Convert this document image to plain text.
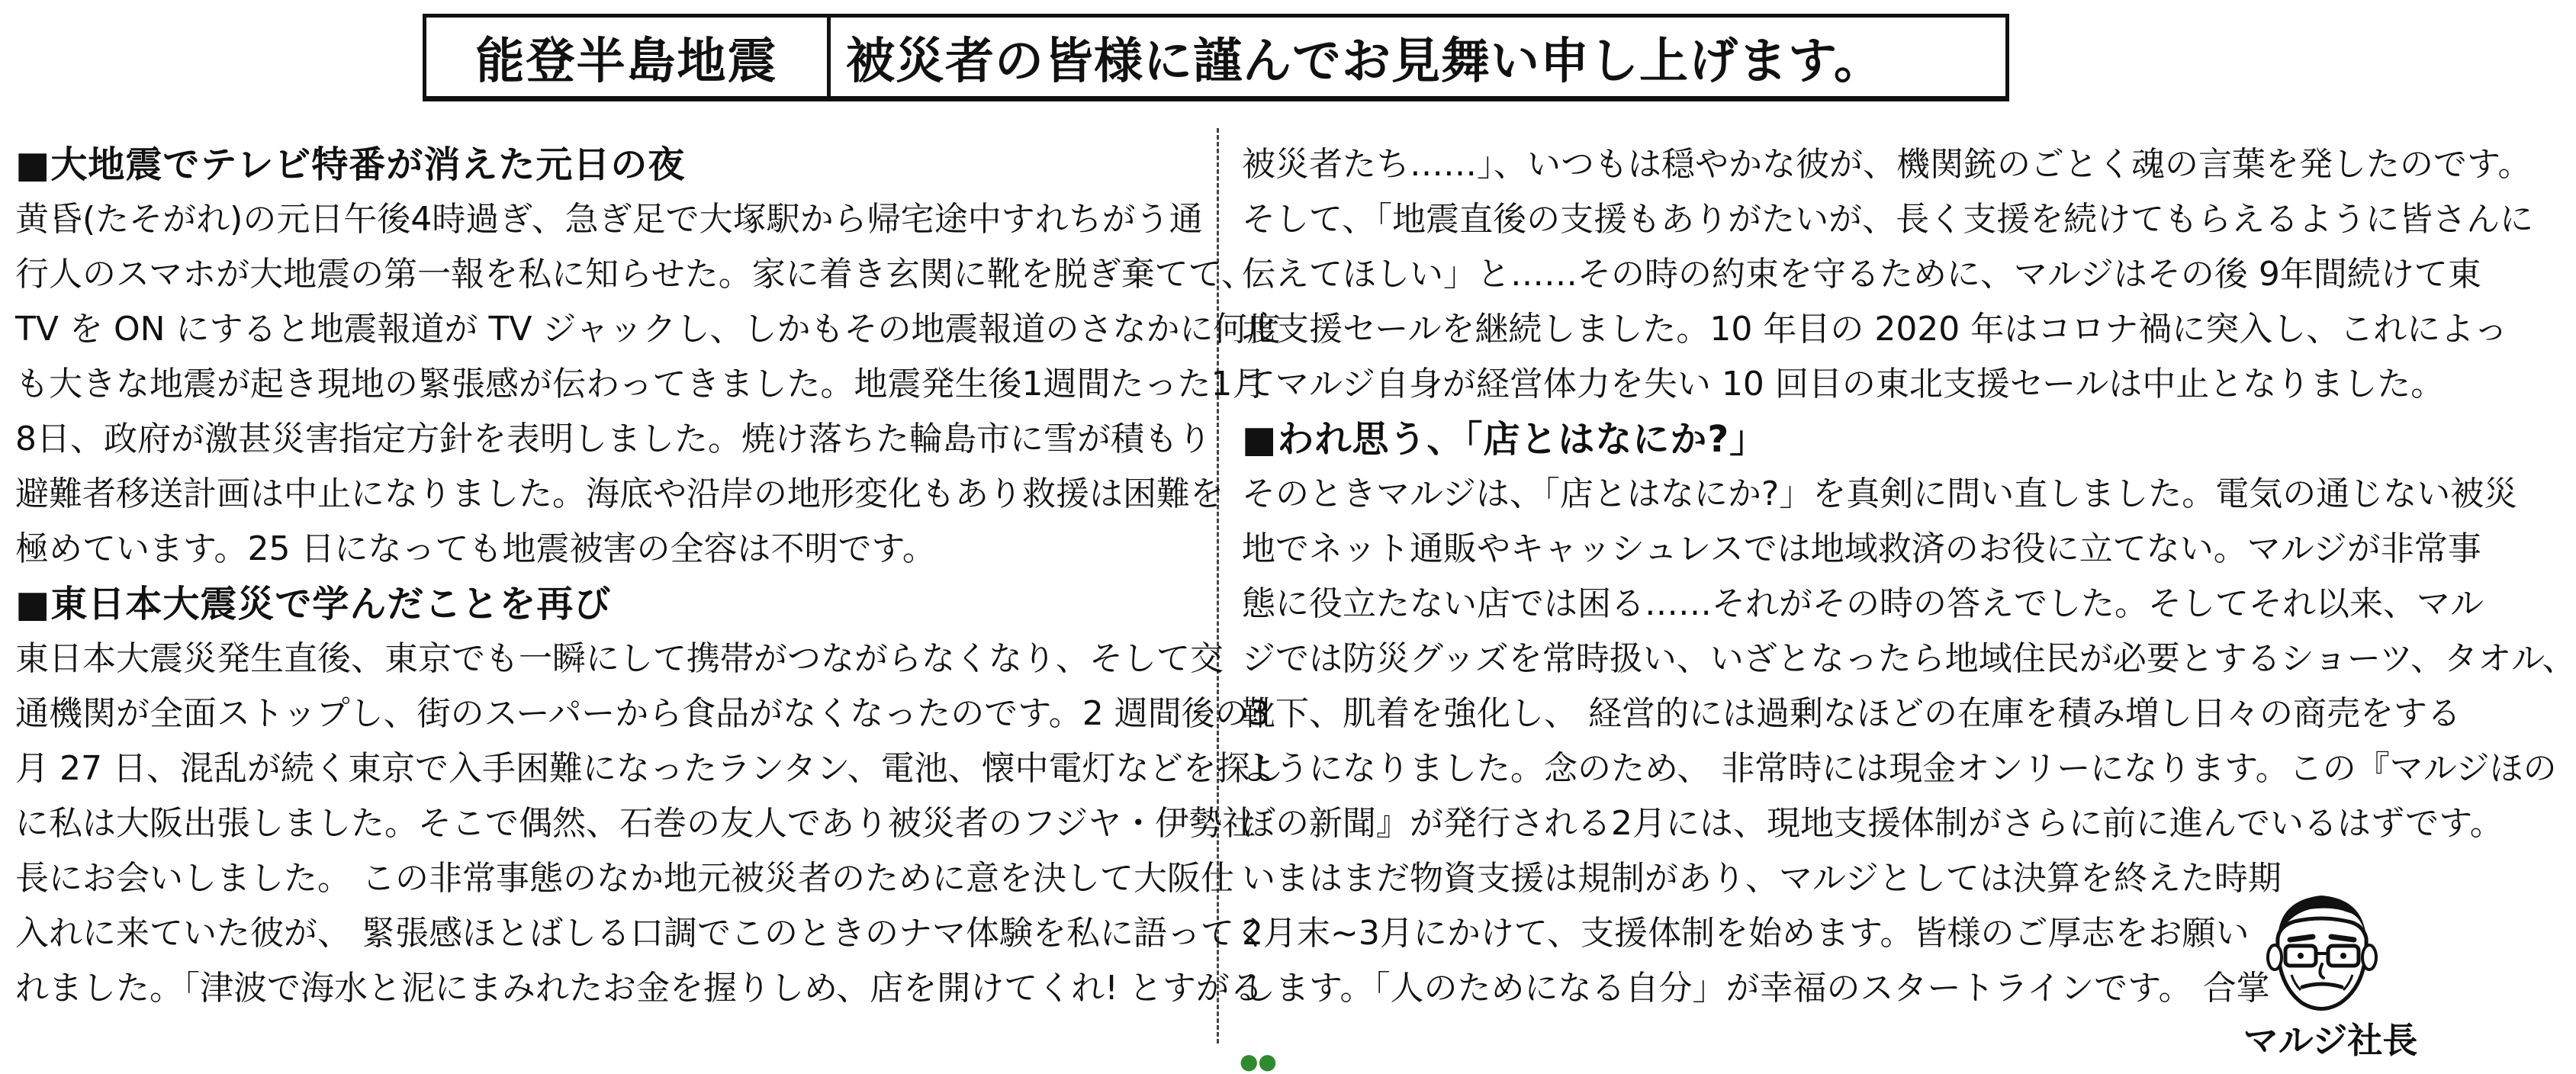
能登半島地震	被災者の皆様に謹んでお見舞い申し上げます。
■大地震でテレビ特番が消えた元日の夜
黄昏(たそがれ)の元日午後4時過ぎ、急ぎ足で大塚駅から帰宅途中すれちがう通
行人のスマホが大地震の第一報を私に知らせた。家に着き玄関に靴を脱ぎ棄てて、
TV を ON にすると地震報道が TV ジャックし、しかもその地震報道のさなかに何度
も大きな地震が起き現地の緊張感が伝わってきました。地震発生後1週間たった1月
8日、政府が激甚災害指定方針を表明しました。焼け落ちた輪島市に雪が積もり
避難者移送計画は中止になりました。海底や沿岸の地形変化もあり救援は困難を
極めています。25 日になっても地震被害の全容は不明です。
■東日本大震災で学んだことを再び
東日本大震災発生直後、東京でも一瞬にして携帯がつながらなくなり、そして交
通機関が全面ストップし、街のスーパーから食品がなくなったのです。2 週間後の3
月 27 日、混乱が続く東京で入手困難になったランタン、電池、懐中電灯などを探し
に私は大阪出張しました。そこで偶然、石巻の友人であり被災者のフジヤ・伊勢社
長にお会いしました。 この非常事態のなか地元被災者のために意を決して大阪仕
入れに来ていた彼が、 緊張感ほとばしる口調でこのときのナマ体験を私に語ってく
れました。「津波で海水と泥にまみれたお金を握りしめ、店を開けてくれ! とすがる
被災者たち……」、いつもは穏やかな彼が、機関銃のごとく魂の言葉を発したのです。
そして、「地震直後の支援もありがたいが、長く支援を続けてもらえるように皆さんに
伝えてほしい」と……その時の約束を守るために、マルジはその後 9年間続けて東
北支援セールを継続しました。10 年目の 2020 年はコロナ禍に突入し、これによっ
てマルジ自身が経営体力を失い 10 回目の東北支援セールは中止となりました。
■われ思う、「店とはなにか?」
そのときマルジは、「店とはなにか?」を真剣に問い直しました。電気の通じない被災
地でネット通販やキャッシュレスでは地域救済のお役に立てない。マルジが非常事
態に役立たない店では困る……それがその時の答えでした。そしてそれ以来、マル
ジでは防災グッズを常時扱い、いざとなったら地域住民が必要とするショーツ、タオル、
靴下、肌着を強化し、 経営的には過剰なほどの在庫を積み増し日々の商売をする
ようになりました。念のため、 非常時には現金オンリーになります。この『マルジほの
ぼの新聞』が発行される2月には、現地支援体制がさらに前に進んでいるはずです。
いまはまだ物資支援は規制があり、マルジとしては決算を終えた時期
2月末~3月にかけて、支援体制を始めます。皆様のご厚志をお願い
します。「人のためになる自分」が幸福のスタートラインです。 合掌
マルジ社長
●●
